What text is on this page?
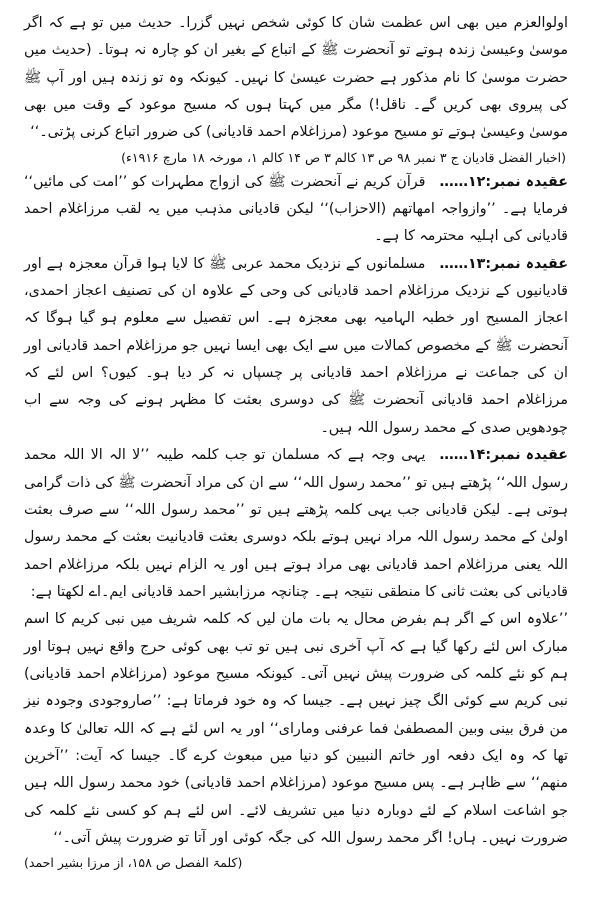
اولوالعزم میں بھی اس عظمت شان کا کوئی شخص نہیں گزرا۔ حدیث میں تو ہے کہ اگر موسیٰ وعیسیٰ زندہ ہوتے تو آنحضرت ﷺ کے اتباع کے بغیر ان کو چارہ نہ ہوتا۔ (حدیث میں حضرت موسیٰ کا نام مذکور ہے حضرت عیسیٰ کا نہیں۔ کیونکہ وہ تو زندہ ہیں اور آپ ﷺ کی پیروی بھی کریں گے۔ ناقل!) مگر میں کہتا ہوں کہ مسیح موعود کے وقت میں بھی موسیٰ وعیسیٰ ہوتے تو مسیح موعود (مرزاغلام احمد قادیانی) کی ضرور اتباع کرنی پڑتی۔‘‘

(اخبار الفضل قادیان ج ۳ نمبر ۹۸ ص ۱۳ کالم ۳ ص ۱۴ کالم ۱، مورخہ ۱۸ مارچ ۱۹۱۶ء)

عقیدہ نمبر:۱۲……قرآن کریم نے آنحضرت ﷺ کی ازواج مطہرات کو ’’امت کی مائیں‘‘ فرمایا ہے۔ ’’وازواجہ امھاتھم (الاحزاب)‘‘ لیکن قادیانی مذہب میں یہ لقب مرزاغلام احمد قادیانی کی اہلیہ محترمہ کا ہے۔

عقیدہ نمبر:۱۳……مسلمانوں کے نزدیک محمد عربی ﷺ کا لایا ہوا قرآن معجزہ ہے اور قادیانیوں کے نزدیک مرزاغلام احمد قادیانی کی وحی کے علاوہ ان کی تصنیف اعجاز احمدی، اعجاز المسیح اور خطبہ الہامیہ بھی معجزہ ہے۔ اس تفصیل سے معلوم ہو گیا ہوگا کہ آنحضرت ﷺ کے مخصوص کمالات میں سے ایک بھی ایسا نہیں جو مرزاغلام احمد قادیانی اور ان کی جماعت نے مرزاغلام احمد قادیانی پر چسپاں نہ کر دیا ہو۔ کیوں؟ اس لئے کہ مرزاغلام احمد قادیانی آنحضرت ﷺ کی دوسری بعثت کا مظہر ہونے کی وجہ سے اب چودھویں صدی کے محمد رسول اللہ ہیں۔

عقیدہ نمبر:۱۴……یہی وجہ ہے کہ مسلمان تو جب کلمہ طیبہ ’’لا الہ الا اللہ محمد رسول اللہ‘‘ پڑھتے ہیں تو ’’محمد رسول اللہ‘‘ سے ان کی مراد آنحضرت ﷺ کی ذات گرامی ہوتی ہے۔ لیکن قادیانی جب یہی کلمہ پڑھتے ہیں تو ’’محمد رسول اللہ‘‘ سے صرف بعثت اولیٰ کے محمد رسول اللہ مراد نہیں ہوتے بلکہ دوسری بعثت قادیانیت بعثت کے محمد رسول اللہ یعنی مرزاغلام احمد قادیانی بھی مراد ہوتے ہیں اور یہ الزام نہیں بلکہ مرزاغلام احمد قادیانی کی بعثت ثانی کا منطقی نتیجہ ہے۔ چنانچہ مرزابشیر احمد قادیانی ایم۔اے لکھتا ہے:

’’علاوہ اس کے اگر ہم بفرض محال یہ بات مان لیں کہ کلمہ شریف میں نبی کریم کا اسم مبارک اس لئے رکھا گیا ہے کہ آپ آخری نبی ہیں تو تب بھی کوئی حرج واقع نہیں ہوتا اور ہم کو نئے کلمہ کی ضرورت پیش نہیں آتی۔ کیونکہ مسیح موعود (مرزاغلام احمد قادیانی) نبی کریم سے کوئی الگ چیز نہیں ہے۔ جیسا کہ وہ خود فرماتا ہے: ’’صاروجودی وجودہ نیز من فرق بینی وبین المصطفیٰ فما عرفنی ومارای‘‘ اور یہ اس لئے ہے کہ اللہ تعالیٰ کا وعدہ تھا کہ وہ ایک دفعہ اور خاتم النبیین کو دنیا میں مبعوث کرے گا۔ جیسا کہ آیت: ’’آخرین منھم‘‘ سے ظاہر ہے۔ پس مسیح موعود (مرزاغلام احمد قادیانی) خود محمد رسول اللہ ہیں جو اشاعت اسلام کے لئے دوبارہ دنیا میں تشریف لائے۔ اس لئے ہم کو کسی نئے کلمہ کی ضرورت نہیں۔ ہاں! اگر محمد رسول اللہ کی جگہ کوئی اور آتا تو ضرورت پیش آتی۔‘‘

(کلمۃ الفصل ص ۱۵۸، از مرزا بشیر احمد)
